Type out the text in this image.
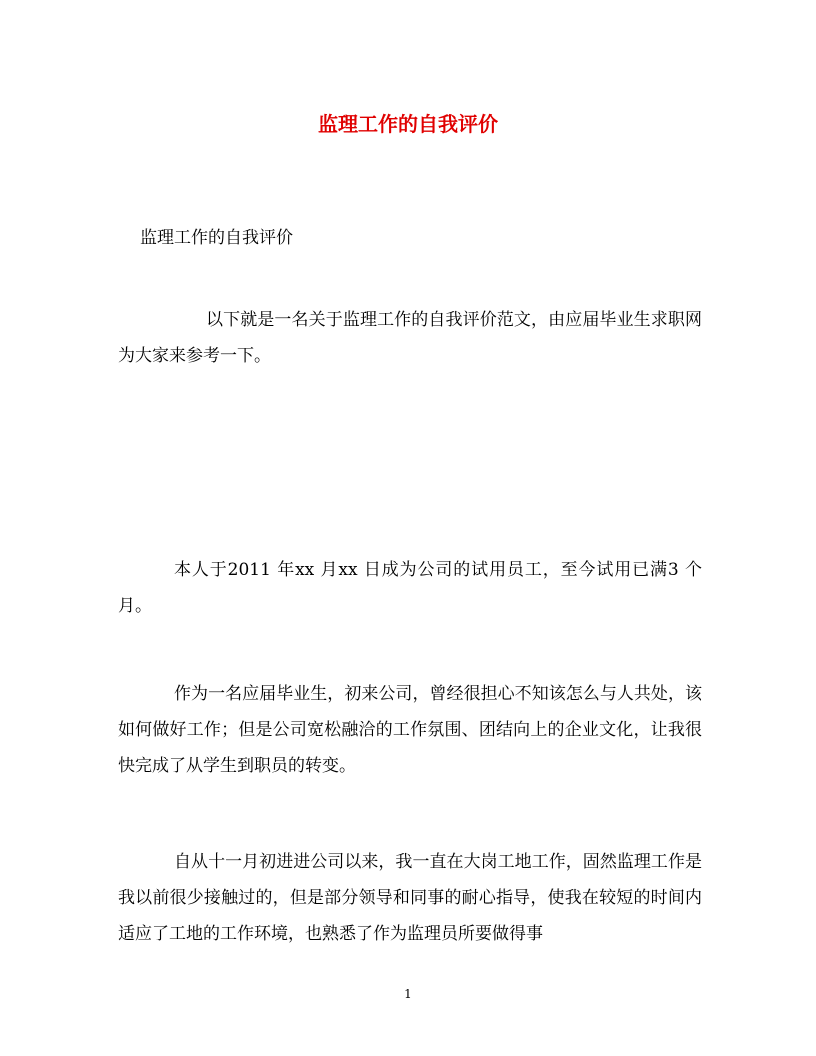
监理工作的自我评价

监理工作的自我评价

以下就是一名关于监理工作的自我评价范文，由应届毕业生求职网为大家来参考一下。

本人于2011 年xx 月xx 日成为公司的试用员工，至今试用已满3 个月。

作为一名应届毕业生，初来公司，曾经很担心不知该怎么与人共处，该如何做好工作；但是公司宽松融洽的工作氛围、团结向上的企业文化，让我很快完成了从学生到职员的转变。

自从十一月初进进公司以来，我一直在大岗工地工作，固然监理工作是我以前很少接触过的，但是部分领导和同事的耐心指导，使我在较短的时间内适应了工地的工作环境，也熟悉了作为监理员所要做得事

1
